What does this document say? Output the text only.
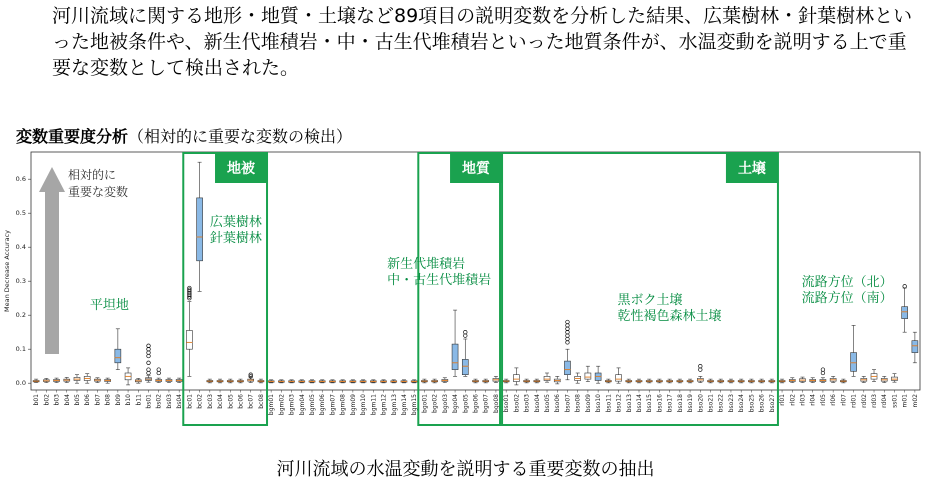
河川流域に関する地形・地質・土壌など89項目の説明変数を分析した結果、広葉樹林・針葉樹林といった地被条件や、新生代堆積岩・中・古生代堆積岩といった地質条件が、水温変動を説明する上で重要な変数として検出された。
変数重要度分析（相対的に重要な変数の検出）
0.0
0.1
0.2
0.3
0.4
0.5
0.6
Mean Decrease Accuracy
b01 b02 b03 b04 b05 b06 b07 b08 b09 b10 b11 bs01 bs02 bs03 bs04 bc01 bc02 bc03 bc04 bc05 bc06 bc07 bc08 bgm01 bgm02 bgm03 bgm04 bgm05 bgm06 bgm07 bgm08 bgm09 bgm10 bgm11 bgm12 bgm13 bgm14 bgm15 bgo01 bgo02 bgo03 bgo04 bgo05 bgo06 bgo07 bgo08 bso01 bso02 bso03 bso04 bso05 bso06 bso07 bso08 bso09 bso10 bso11 bso12 bso13 bso14 bso15 bso16 bso17 bso18 bso19 bso20 bso21 bso22 bso23 bso24 bso25 bso26 bso27 rl01 rl02 rl03 rl04 rl05 rl06 rl07 rd01 rd02 rd03 rd04 ss01 m01 m02
相対的に
重要な変数
地被	地質	土壌
平坦地
広葉樹林
針葉樹林
新生代堆積岩
中・古生代堆積岩
黒ボク土壌
乾性褐色森林土壌
流路方位（北）
流路方位（南）
河川流域の水温変動を説明する重要変数の抽出
